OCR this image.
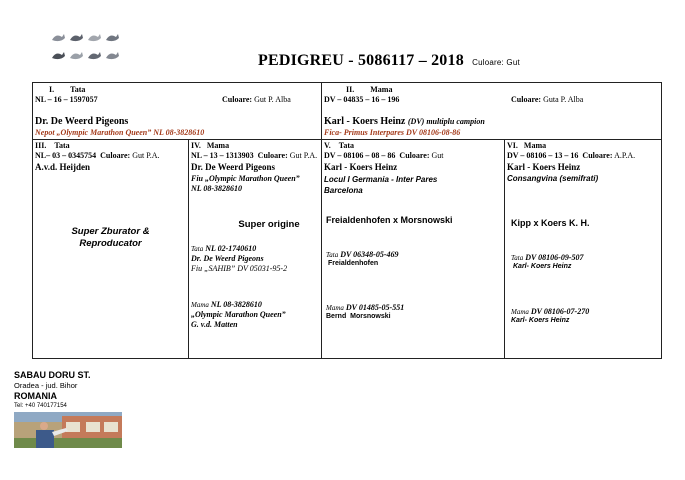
PEDIGREU - 5086117 – 2018 Culoare: Gut
I. Tata
NL – 16 – 1597057	Culoare: Gut P. Alba
Dr. De Weerd Pigeons
Nepot „Olympic Marathon Queen” NL 08-3828610
II. Mama
DV – 04835 – 16 – 196	Culoare: Guta P. Alba
Karl - Koers Heinz (DV) multiplu campion
Fica- Primus Interpares DV 08106-08-86
III. Tata
NL– 03 – 0345754 Culoare: Gut P.A.
A.v.d. Heijden
Super Zburator &
Reproducator
IV. Mama
NL – 13 – 1313903 Culoare: Gut P.A.
Dr. De Weerd Pigeons
Fiu „Olympic Marathon Queen”
NL 08-3828610
Super origine
Tata NL 02-1740610
Dr. De Weerd Pigeons
Fiu „SAHIB” DV 05031-95-2
Mama NL 08-3828610
„Olympic Marathon Queen”
G. v.d. Matten
V. Tata
DV – 08106 – 08 – 86 Culoare: Gut
Karl - Koers Heinz
Locul I Germania - Inter Pares
Barcelona
Freialdenhofen x Morsnowski
Tata DV 06348-05-469
Freialdenhofen
Mama DV 01485-05-551
Bernd  Morsnowski
VI. Mama
DV – 08106 – 13 – 16 Culoare: A.P.A.
Karl - Koers Heinz
Consangvina (semifrati)
Kipp x Koers K. H.
Tata DV 08106-09-507
Karl- Koers Heinz
Mama DV 08106-07-270
Karl- Koers Heinz
SABAU DORU ST.
Oradea - jud. Bihor
ROMANIA
Tel: +40 740177154
